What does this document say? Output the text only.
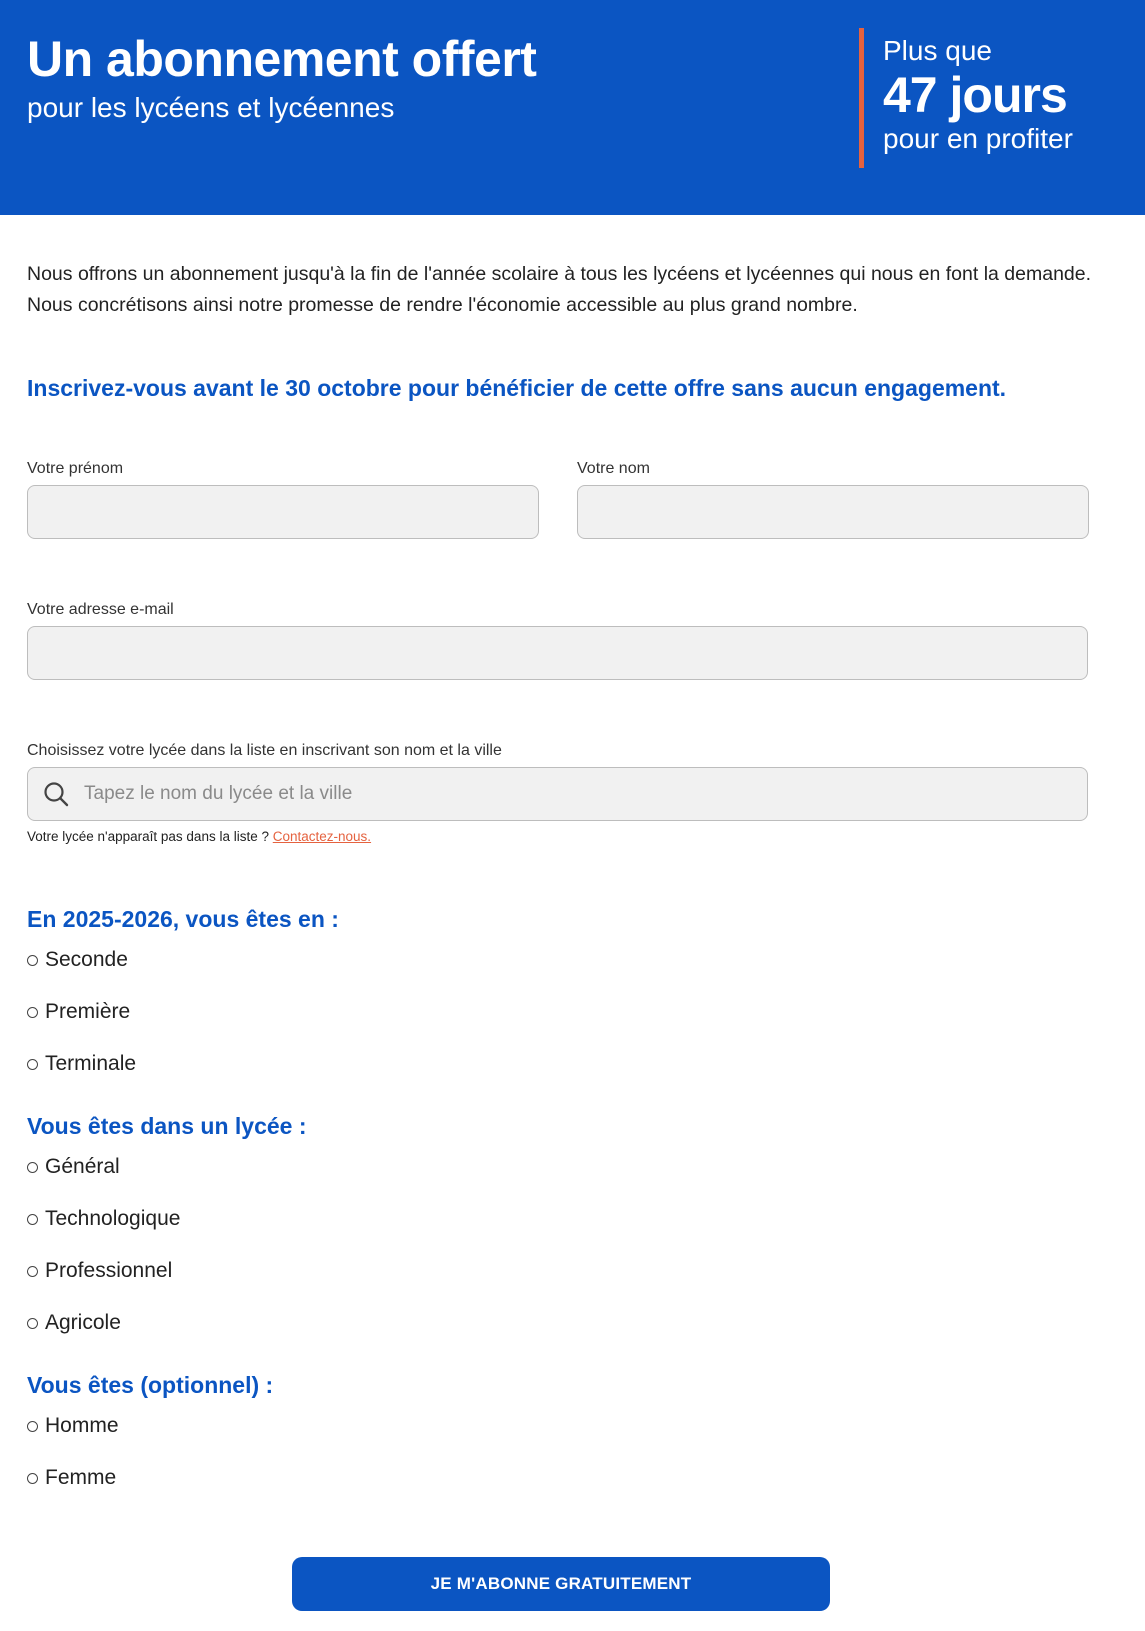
Un abonnement offert
pour les lycéens et lycéennes
Plus que
47 jours
pour en profiter

Nous offrons un abonnement jusqu'à la fin de l'année scolaire à tous les lycéens et lycéennes qui nous en font la demande. Nous concrétisons ainsi notre promesse de rendre l'économie accessible au plus grand nombre.

Inscrivez-vous avant le 30 octobre pour bénéficier de cette offre sans aucun engagement.
Votre prénom	Votre nom
Votre adresse e-mail
Choisissez votre lycée dans la liste en inscrivant son nom et la ville
Tapez le nom du lycée et la ville
Votre lycée n'apparaît pas dans la liste ? Contactez-nous.
En 2025-2026, vous êtes en :
Seconde
Première
Terminale
Vous êtes dans un lycée :
Général
Technologique
Professionnel
Agricole
Vous êtes (optionnel) :
Homme
Femme
JE M'ABONNE GRATUITEMENT
